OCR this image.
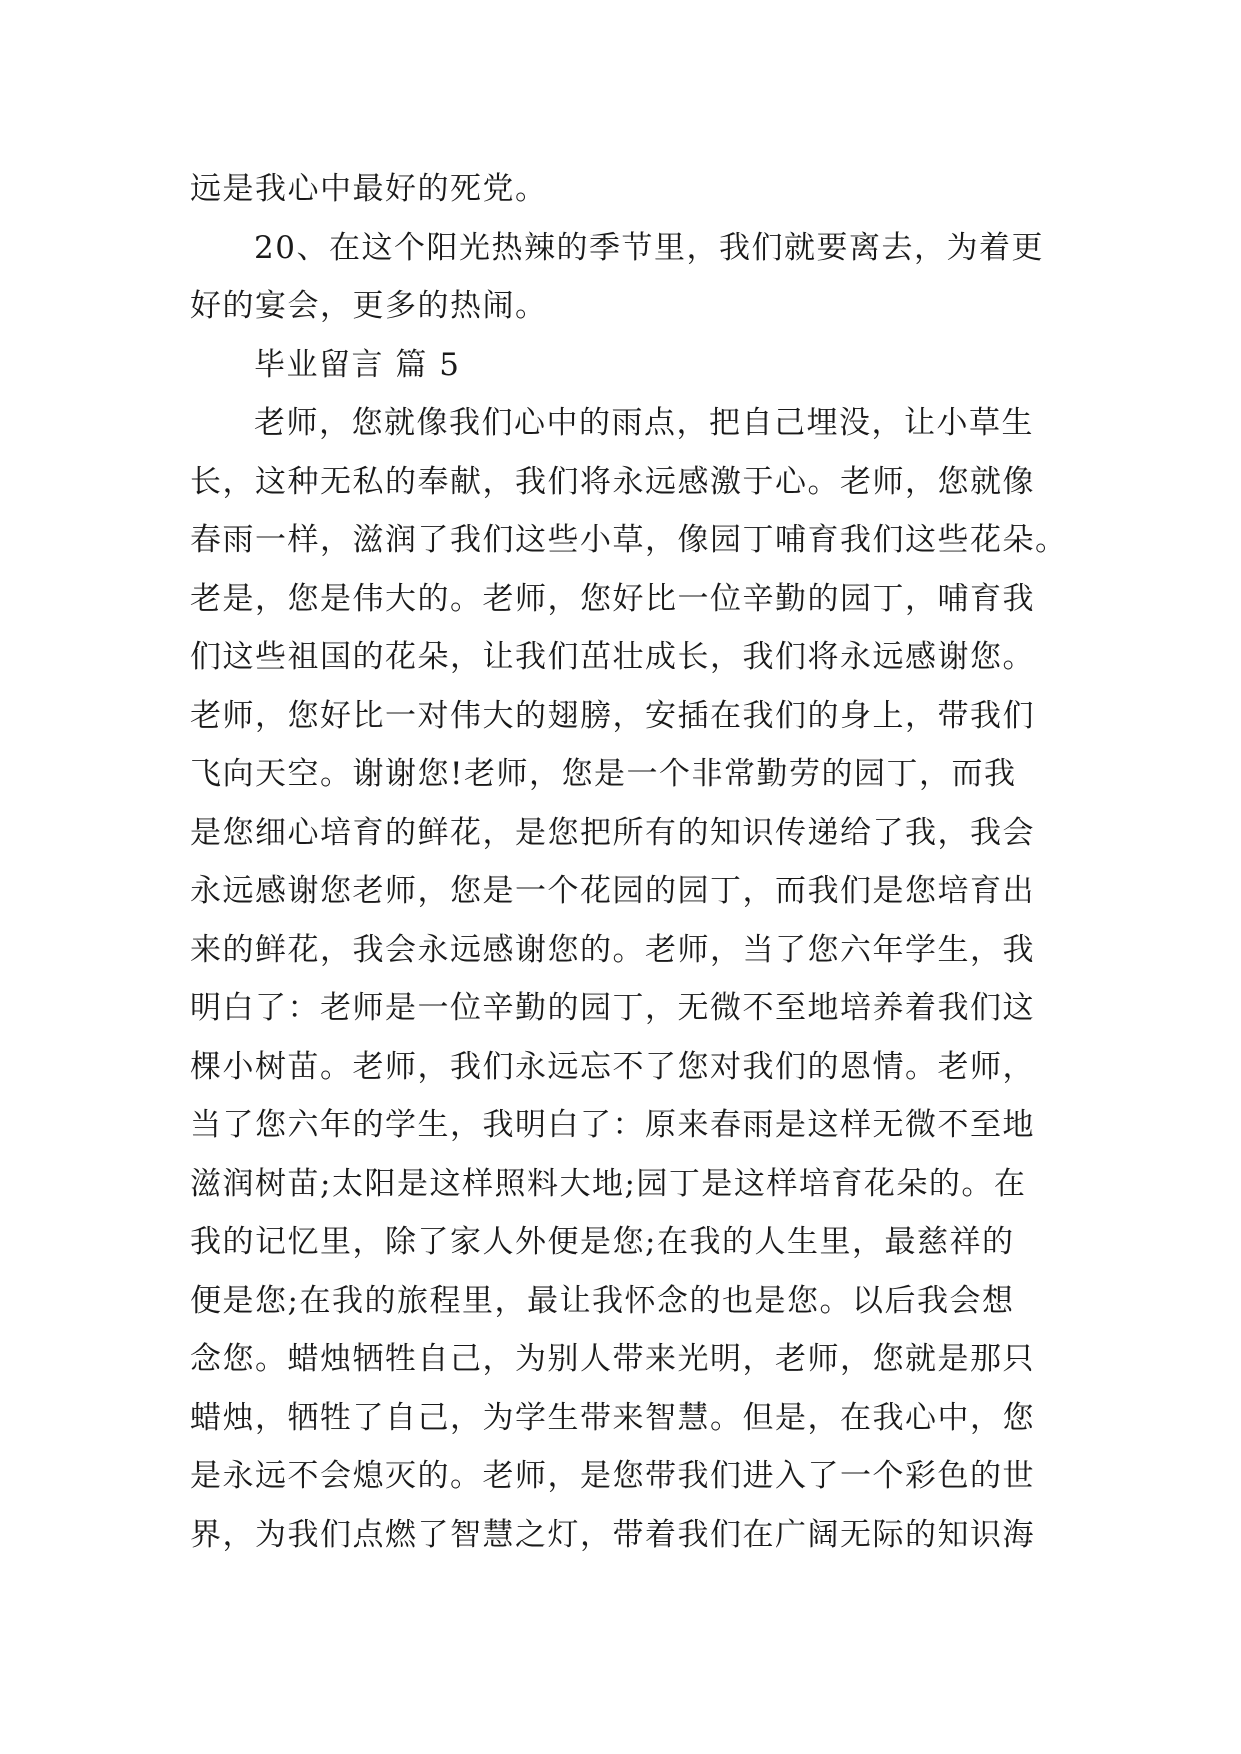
远是我心中最好的死党。
20、在这个阳光热辣的季节里，我们就要离去，为着更
好的宴会，更多的热闹。
毕业留言 篇 5
老师，您就像我们心中的雨点，把自己埋没，让小草生
长，这种无私的奉献，我们将永远感激于心。老师，您就像
春雨一样，滋润了我们这些小草，像园丁哺育我们这些花朵。
老是，您是伟大的。老师，您好比一位辛勤的园丁，哺育我
们这些祖国的花朵，让我们茁壮成长，我们将永远感谢您。
老师，您好比一对伟大的翅膀，安插在我们的身上，带我们
飞向天空。谢谢您!老师，您是一个非常勤劳的园丁，而我
是您细心培育的鲜花，是您把所有的知识传递给了我，我会
永远感谢您老师，您是一个花园的园丁，而我们是您培育出
来的鲜花，我会永远感谢您的。老师，当了您六年学生，我
明白了：老师是一位辛勤的园丁，无微不至地培养着我们这
棵小树苗。老师，我们永远忘不了您对我们的恩情。老师，
当了您六年的学生，我明白了：原来春雨是这样无微不至地
滋润树苗;太阳是这样照料大地;园丁是这样培育花朵的。在
我的记忆里，除了家人外便是您;在我的人生里，最慈祥的
便是您;在我的旅程里，最让我怀念的也是您。以后我会想
念您。蜡烛牺牲自己，为别人带来光明，老师，您就是那只
蜡烛，牺牲了自己，为学生带来智慧。但是，在我心中，您
是永远不会熄灭的。老师，是您带我们进入了一个彩色的世
界，为我们点燃了智慧之灯，带着我们在广阔无际的知识海
